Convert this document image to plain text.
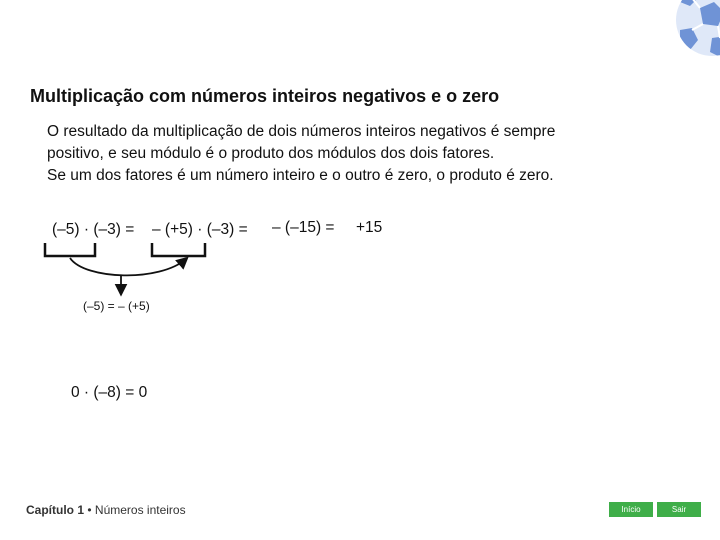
Multiplicação com números inteiros negativos e o zero
O resultado da multiplicação de dois números inteiros negativos é sempre
positivo, e seu módulo é o produto dos módulos dos dois fatores.
Se um dos fatores é um número inteiro e o outro é zero, o produto é zero.
(–5) · (–3) = – (+5) · (–3) = – (–15) = +15
(–5) = – (+5)
0 · (–8) = 0
Capítulo 1 • Números inteiros	Início	Sair
